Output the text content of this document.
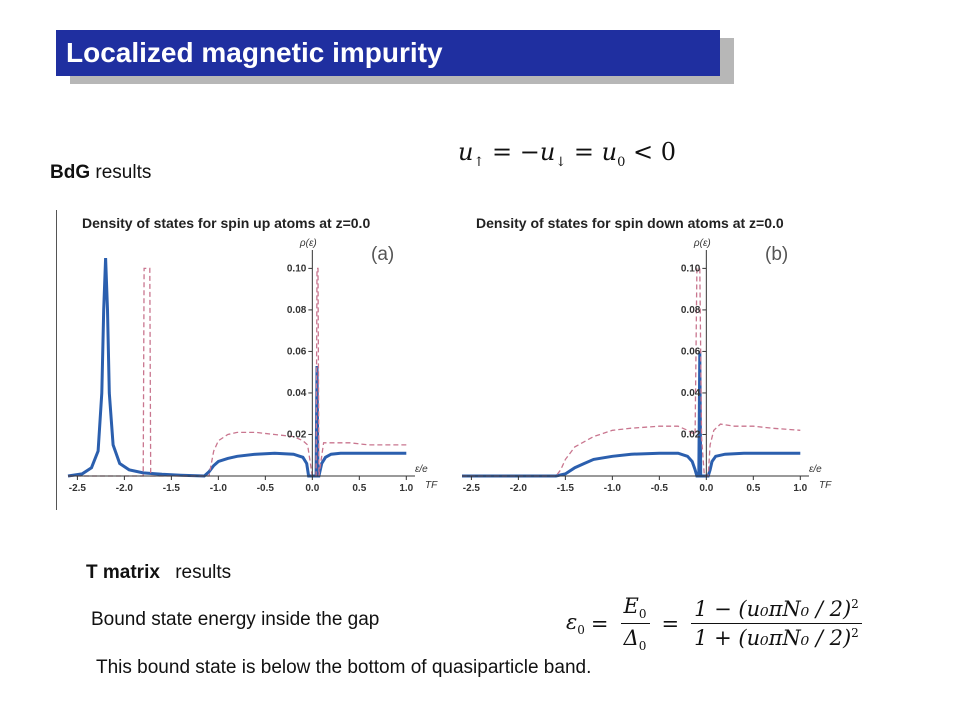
Localized magnetic impurity
BdG results
$u_↑ = -u_↓ = u_0 < 0$
Density of states for spin up atoms at z=0.0
(a)
-2.5	-2.0	-1.5	-1.0	-0.5	0.0	0.5	1.0
0.02
0.04
0.06
0.08
0.10
ρ(ε)
ε/e
TF
Density of states for spin down atoms at z=0.0
(b)
-2.5	-2.0	-1.5	-1.0	-0.5	0.0	0.5	1.0
0.02
0.04
0.06
0.08
0.10
ρ(ε)
ε/e
TF
T matrix results
Bound state energy inside the gap	$\varepsilon_0 = \frac{E_0}{\Delta_0} = \frac{1 - (u_0\pi N_0 / 2)^2}{1 + (u_0\pi N_0 / 2)^2}$
This bound state is below the bottom of quasiparticle band.
